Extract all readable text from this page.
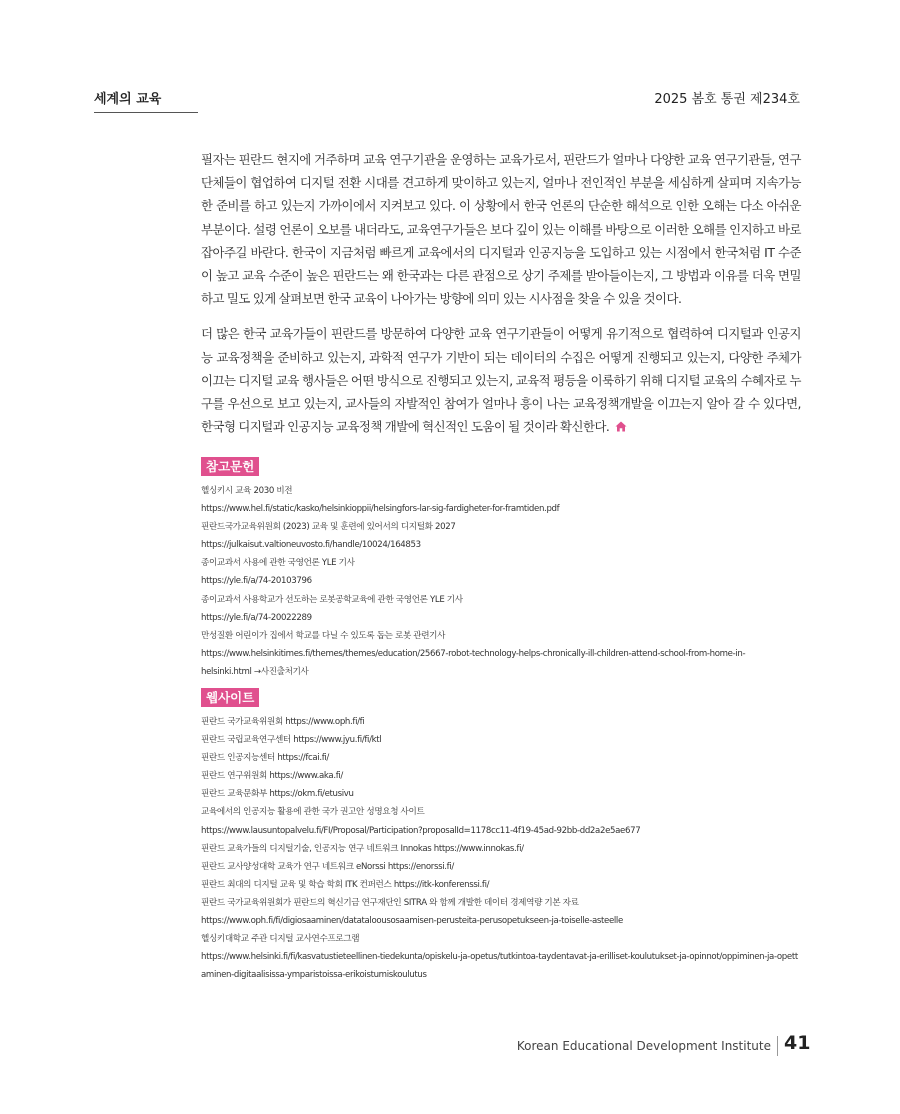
세계의 교육	2025 봄호 통권 제234호

필자는 핀란드 현지에 거주하며 교육 연구기관을 운영하는 교육가로서, 핀란드가 얼마나 다양한 교육 연구기관들, 연구단체들이 협업하여 디지털 전환 시대를 견고하게 맞이하고 있는지, 얼마나 전인적인 부분을 세심하게 살피며 지속가능한 준비를 하고 있는지 가까이에서 지켜보고 있다. 이 상황에서 한국 언론의 단순한 해석으로 인한 오해는 다소 아쉬운 부분이다. 설령 언론이 오보를 내더라도, 교육연구가들은 보다 깊이 있는 이해를 바탕으로 이러한 오해를 인지하고 바로잡아주길 바란다. 한국이 지금처럼 빠르게 교육에서의 디지털과 인공지능을 도입하고 있는 시점에서 한국처럼 IT 수준이 높고 교육 수준이 높은 핀란드는 왜 한국과는 다른 관점으로 상기 주제를 받아들이는지, 그 방법과 이유를 더욱 면밀하고 밀도 있게 살펴보면 한국 교육이 나아가는 방향에 의미 있는 시사점을 찾을 수 있을 것이다.

더 많은 한국 교육가들이 핀란드를 방문하여 다양한 교육 연구기관들이 어떻게 유기적으로 협력하여 디지털과 인공지능 교육정책을 준비하고 있는지, 과학적 연구가 기반이 되는 데이터의 수집은 어떻게 진행되고 있는지, 다양한 주체가 이끄는 디지털 교육 행사들은 어떤 방식으로 진행되고 있는지, 교육적 평등을 이룩하기 위해 디지털 교육의 수혜자로 누구를 우선으로 보고 있는지, 교사들의 자발적인 참여가 얼마나 흥이 나는 교육정책개발을 이끄는지 알아 갈 수 있다면, 한국형 디지털과 인공지능 교육정책 개발에 혁신적인 도움이 될 것이라 확신한다.

참고문헌
헬싱키시 교육 2030 비전
https://www.hel.fi/static/kasko/helsinkioppii/helsingfors-lar-sig-fardigheter-for-framtiden.pdf
핀란드국가교육위원회 (2023) 교육 및 훈련에 있어서의 디지털화 2027
https://julkaisut.valtioneuvosto.fi/handle/10024/164853
종이교과서 사용에 관한 국영언론 YLE 기사
https://yle.fi/a/74-20103796
종이교과서 사용학교가 선도하는 로봇공학교육에 관한 국영언론 YLE 기사
https://yle.fi/a/74-20022289
만성질환 어린이가 집에서 학교를 다닐 수 있도록 돕는 로봇 관련기사
https://www.helsinkitimes.fi/themes/themes/education/25667-robot-technology-helps-chronically-ill-children-attend-school-from-home-in-helsinki.html →사진출처기사
웹사이트
핀란드 국가교육위원회 https://www.oph.fi/fi
핀란드 국립교육연구센터 https://www.jyu.fi/fi/ktl
핀란드 인공지능센터 https://fcai.fi/
핀란드 연구위원회 https://www.aka.fi/
핀란드 교육문화부 https://okm.fi/etusivu
교육에서의 인공지능 활용에 관한 국가 권고안 성명요청 사이트
https://www.lausuntopalvelu.fi/FI/Proposal/Participation?proposalId=1178cc11-4f19-45ad-92bb-dd2a2e5ae677
핀란드 교육가들의 디지털기술, 인공지능 연구 네트워크 Innokas https://www.innokas.fi/
핀란드 교사양성대학 교육가 연구 네트워크 eNorssi https://enorssi.fi/
핀란드 최대의 디지털 교육 및 학습 학회 ITK 컨퍼런스 https://itk-konferenssi.fi/
핀란드 국가교육위원회가 핀란드의 혁신기금 연구재단인 SITRA 와 함께 개발한 데이터 경제역량 기본 자료
https://www.oph.fi/fi/digiosaaminen/datataloousosaamisen-perusteita-perusopetukseen-ja-toiselle-asteelle
헬싱키대학교 주관 디지털 교사연수프로그램
https://www.helsinki.fi/fi/kasvatustieteellinen-tiedekunta/opiskelu-ja-opetus/tutkintoa-taydentavat-ja-erilliset-koulutukset-ja-opinnot/oppiminen-ja-opettaminen-digitaalisissa-ymparistoissa-erikoistumiskoulutus
Korean Educational Development Institute 41
